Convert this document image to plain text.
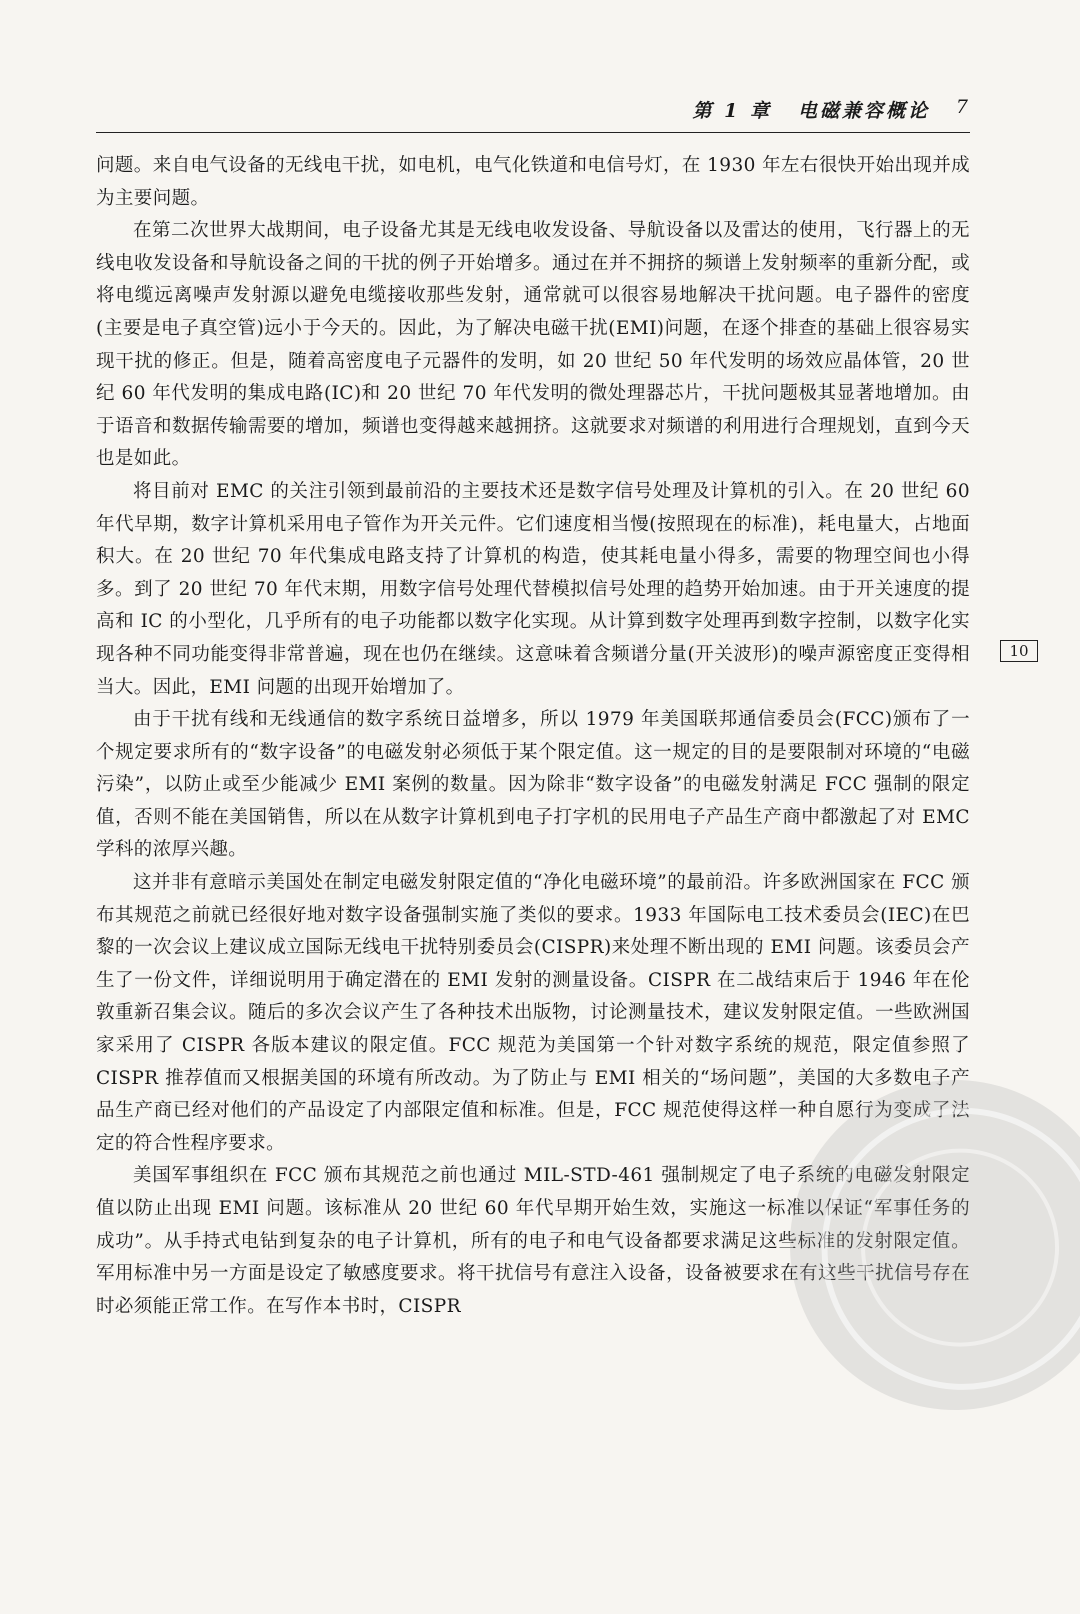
第 1 章 电磁兼容概论 7

问题。来自电气设备的无线电干扰，如电机，电气化铁道和电信号灯，在 1930 年左右很快开始出现并成为主要问题。

在第二次世界大战期间，电子设备尤其是无线电收发设备、导航设备以及雷达的使用，飞行器上的无线电收发设备和导航设备之间的干扰的例子开始增多。通过在并不拥挤的频谱上发射频率的重新分配，或将电缆远离噪声发射源以避免电缆接收那些发射，通常就可以很容易地解决干扰问题。电子器件的密度(主要是电子真空管)远小于今天的。因此，为了解决电磁干扰(EMI)问题，在逐个排查的基础上很容易实现干扰的修正。但是，随着高密度电子元器件的发明，如 20 世纪 50 年代发明的场效应晶体管，20 世纪 60 年代发明的集成电路(IC)和 20 世纪 70 年代发明的微处理器芯片，干扰问题极其显著地增加。由于语音和数据传输需要的增加，频谱也变得越来越拥挤。这就要求对频谱的利用进行合理规划，直到今天也是如此。

将目前对 EMC 的关注引领到最前沿的主要技术还是数字信号处理及计算机的引入。在 20 世纪 60 年代早期，数字计算机采用电子管作为开关元件。它们速度相当慢(按照现在的标准)，耗电量大，占地面积大。在 20 世纪 70 年代集成电路支持了计算机的构造，使其耗电量小得多，需要的物理空间也小得多。到了 20 世纪 70 年代末期，用数字信号处理代替模拟信号处理的趋势开始加速。由于开关速度的提高和 IC 的小型化，几乎所有的电子功能都以数字化实现。从计算到数字处理再到数字控制，以数字化实现各种不同功能变得非常普遍，现在也仍在继续。这意味着含频谱分量(开关波形)的噪声源密度正变得相当大。因此，EMI 问题的出现开始增加了。

由于干扰有线和无线通信的数字系统日益增多，所以 1979 年美国联邦通信委员会(FCC)颁布了一个规定要求所有的“数字设备”的电磁发射必须低于某个限定值。这一规定的目的是要限制对环境的“电磁污染”，以防止或至少能减少 EMI 案例的数量。因为除非“数字设备”的电磁发射满足 FCC 强制的限定值，否则不能在美国销售，所以在从数字计算机到电子打字机的民用电子产品生产商中都激起了对 EMC 学科的浓厚兴趣。

这并非有意暗示美国处在制定电磁发射限定值的“净化电磁环境”的最前沿。许多欧洲国家在 FCC 颁布其规范之前就已经很好地对数字设备强制实施了类似的要求。1933 年国际电工技术委员会(IEC)在巴黎的一次会议上建议成立国际无线电干扰特别委员会(CISPR)来处理不断出现的 EMI 问题。该委员会产生了一份文件，详细说明用于确定潜在的 EMI 发射的测量设备。CISPR 在二战结束后于 1946 年在伦敦重新召集会议。随后的多次会议产生了各种技术出版物，讨论测量技术，建议发射限定值。一些欧洲国家采用了 CISPR 各版本建议的限定值。FCC 规范为美国第一个针对数字系统的规范，限定值参照了 CISPR 推荐值而又根据美国的环境有所改动。为了防止与 EMI 相关的“场问题”，美国的大多数电子产品生产商已经对他们的产品设定了内部限定值和标准。但是，FCC 规范使得这样一种自愿行为变成了法定的符合性程序要求。

美国军事组织在 FCC 颁布其规范之前也通过 MIL-STD-461 强制规定了电子系统的电磁发射限定值以防止出现 EMI 问题。该标准从 20 世纪 60 年代早期开始生效，实施这一标准以保证“军事任务的成功”。从手持式电钻到复杂的电子计算机，所有的电子和电气设备都要求满足这些标准的发射限定值。军用标准中另一方面是设定了敏感度要求。将干扰信号有意注入设备，设备被要求在有这些干扰信号存在时必须能正常工作。在写作本书时，CISPR

10
